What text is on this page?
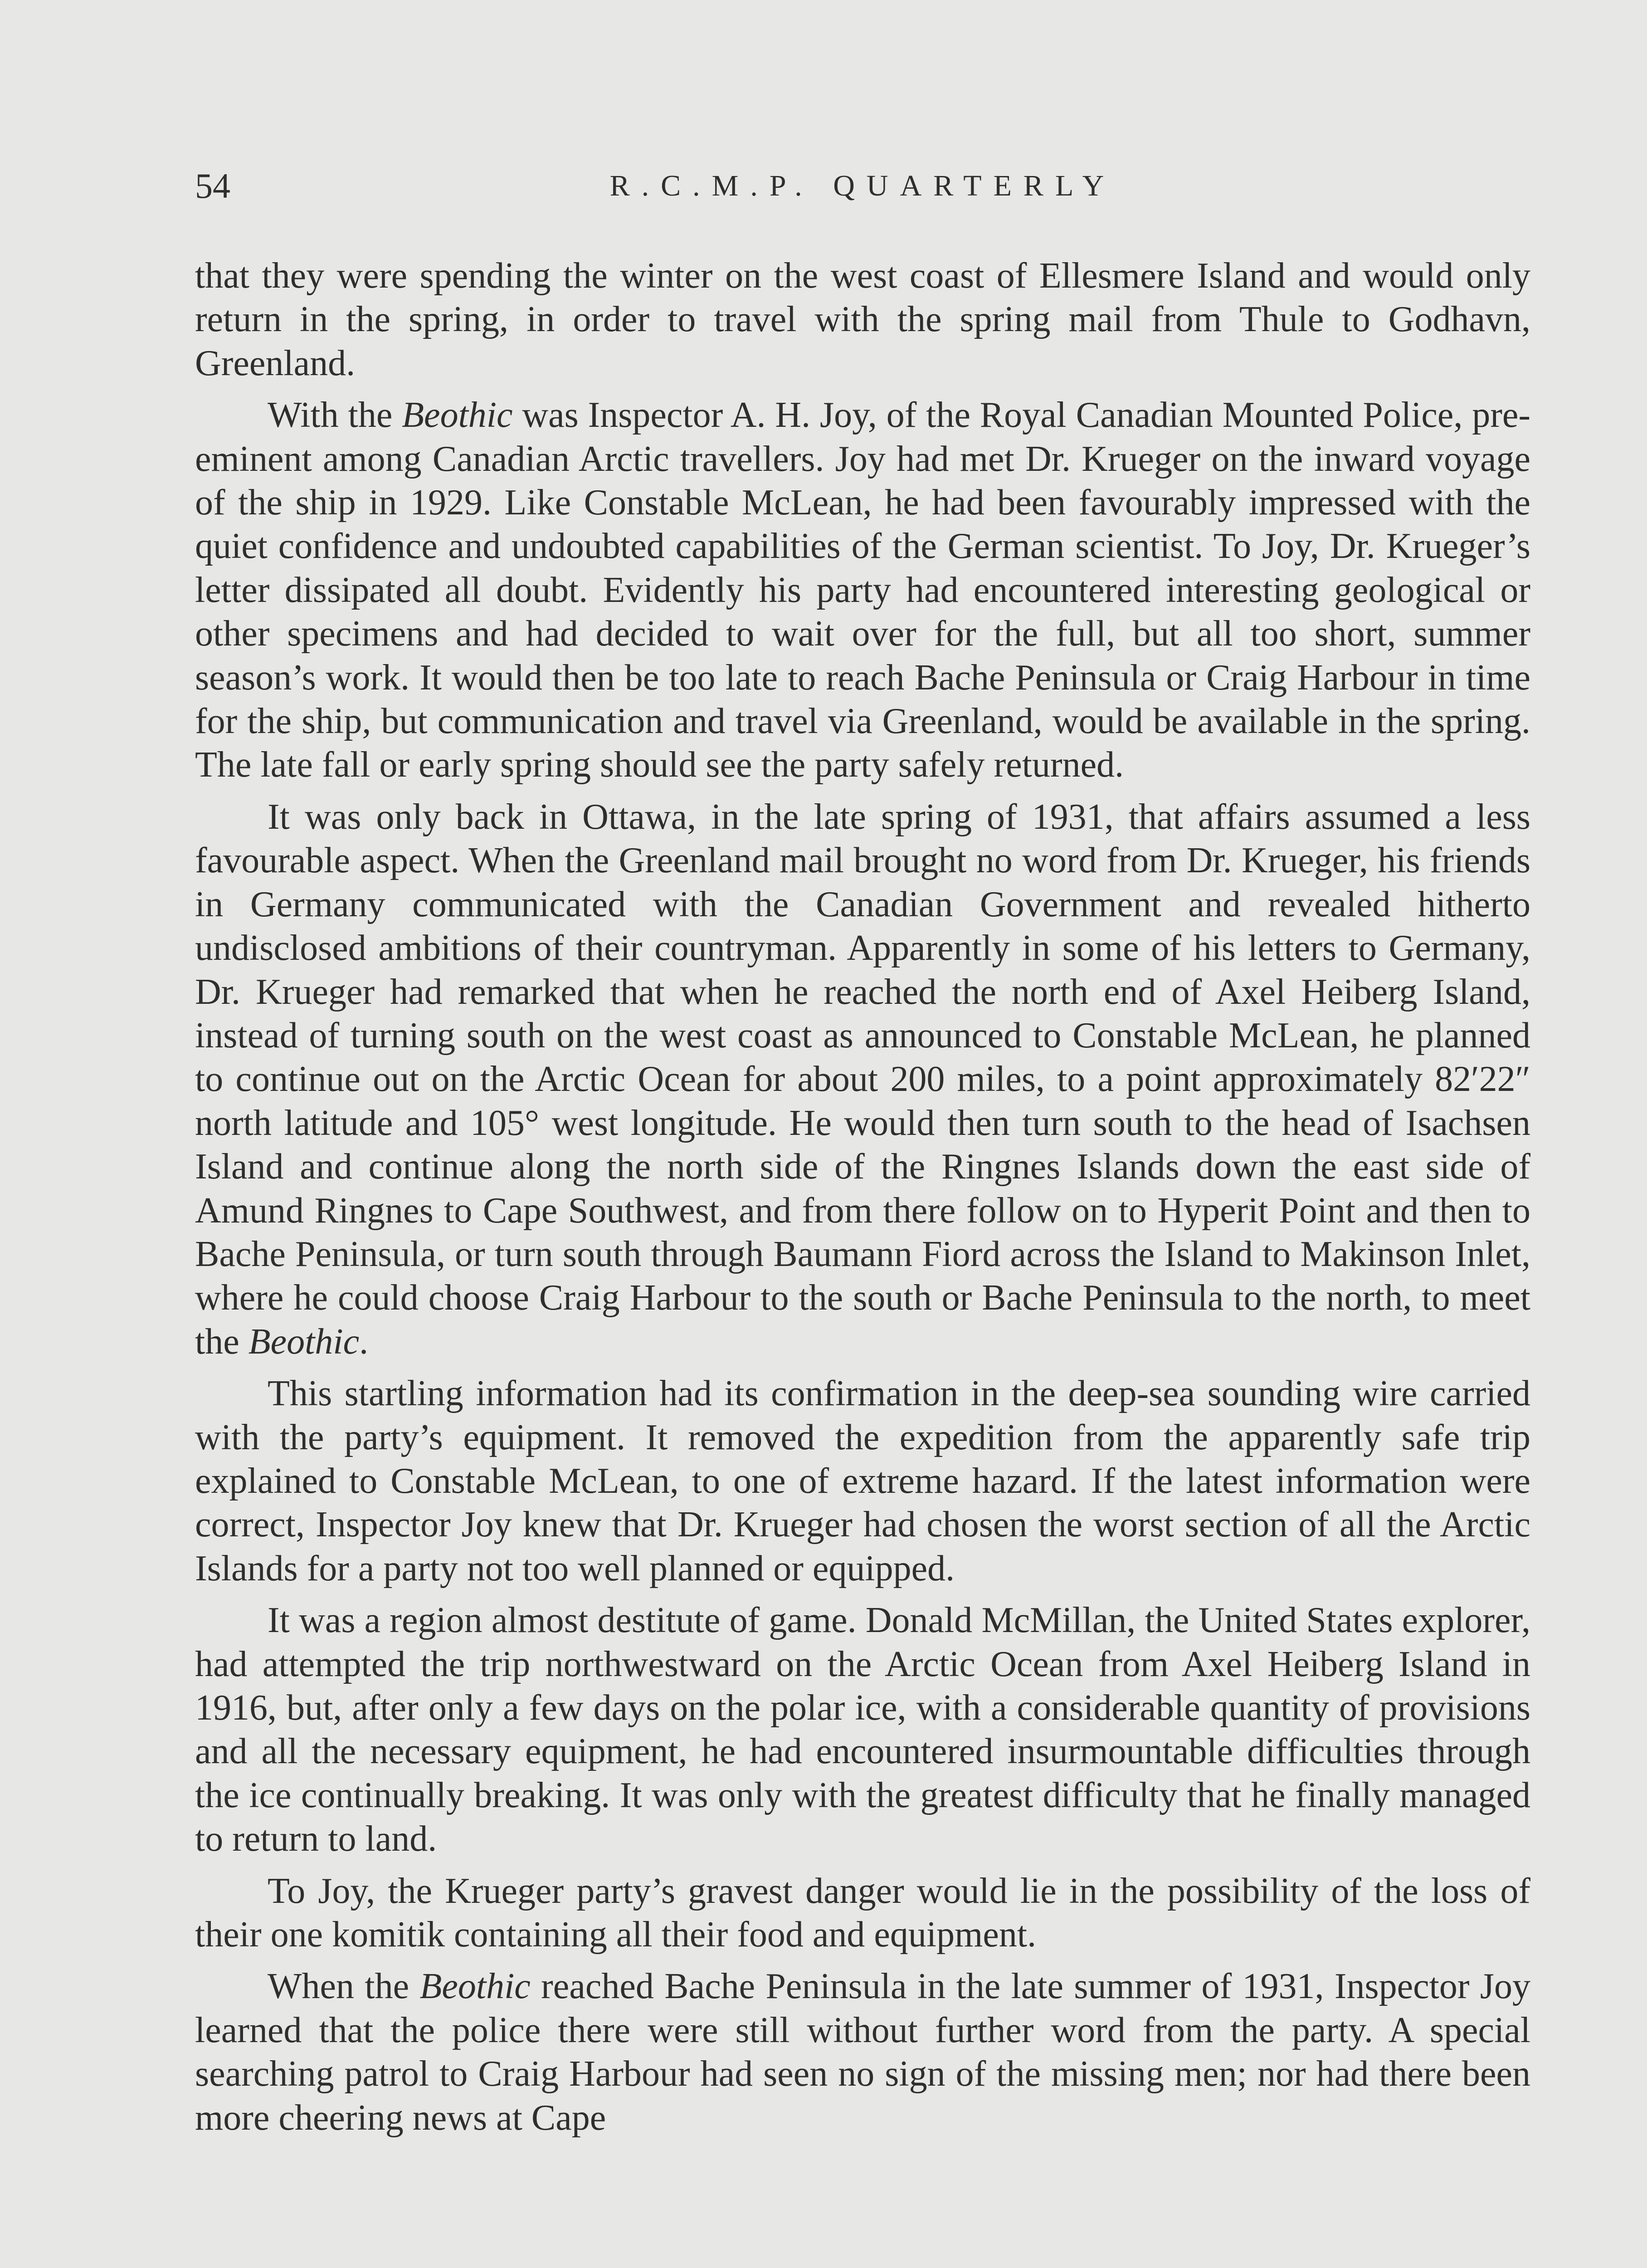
54	R.C.M.P. QUARTERLY

that they were spending the winter on the west coast of Ellesmere Island and would only return in the spring, in order to travel with the spring mail from Thule to Godhavn, Greenland.

With the Beothic was Inspector A. H. Joy, of the Royal Canadian Mounted Police, pre-eminent among Canadian Arctic travellers. Joy had met Dr. Krueger on the inward voyage of the ship in 1929. Like Constable McLean, he had been favourably impressed with the quiet confidence and undoubted capabilities of the German scientist. To Joy, Dr. Krueger’s letter dissipated all doubt. Evidently his party had encountered interesting geological or other specimens and had decided to wait over for the full, but all too short, summer season’s work. It would then be too late to reach Bache Peninsula or Craig Harbour in time for the ship, but communication and travel via Greenland, would be available in the spring. The late fall or early spring should see the party safely returned.

It was only back in Ottawa, in the late spring of 1931, that affairs assumed a less favourable aspect. When the Greenland mail brought no word from Dr. Krueger, his friends in Germany communicated with the Canadian Government and revealed hitherto undisclosed ambitions of their countryman. Apparently in some of his letters to Germany, Dr. Krueger had remarked that when he reached the north end of Axel Heiberg Island, instead of turning south on the west coast as announced to Constable McLean, he planned to continue out on the Arctic Ocean for about 200 miles, to a point approximately 82′22″ north latitude and 105° west longitude. He would then turn south to the head of Isachsen Island and continue along the north side of the Ringnes Islands down the east side of Amund Ringnes to Cape Southwest, and from there follow on to Hyperit Point and then to Bache Peninsula, or turn south through Baumann Fiord across the Island to Makinson Inlet, where he could choose Craig Harbour to the south or Bache Peninsula to the north, to meet the Beothic.

This startling information had its confirmation in the deep-sea sounding wire carried with the party’s equipment. It removed the expedition from the apparently safe trip explained to Constable McLean, to one of extreme hazard. If the latest information were correct, Inspector Joy knew that Dr. Krueger had chosen the worst section of all the Arctic Islands for a party not too well planned or equipped.

It was a region almost destitute of game. Donald McMillan, the United States explorer, had attempted the trip northwestward on the Arctic Ocean from Axel Heiberg Island in 1916, but, after only a few days on the polar ice, with a considerable quantity of provisions and all the necessary equipment, he had encountered insurmountable difficulties through the ice continually breaking. It was only with the greatest difficulty that he finally managed to return to land.

To Joy, the Krueger party’s gravest danger would lie in the possibility of the loss of their one komitik containing all their food and equipment.

When the Beothic reached Bache Peninsula in the late summer of 1931, Inspector Joy learned that the police there were still without further word from the party. A special searching patrol to Craig Harbour had seen no sign of the missing men; nor had there been more cheering news at Cape
